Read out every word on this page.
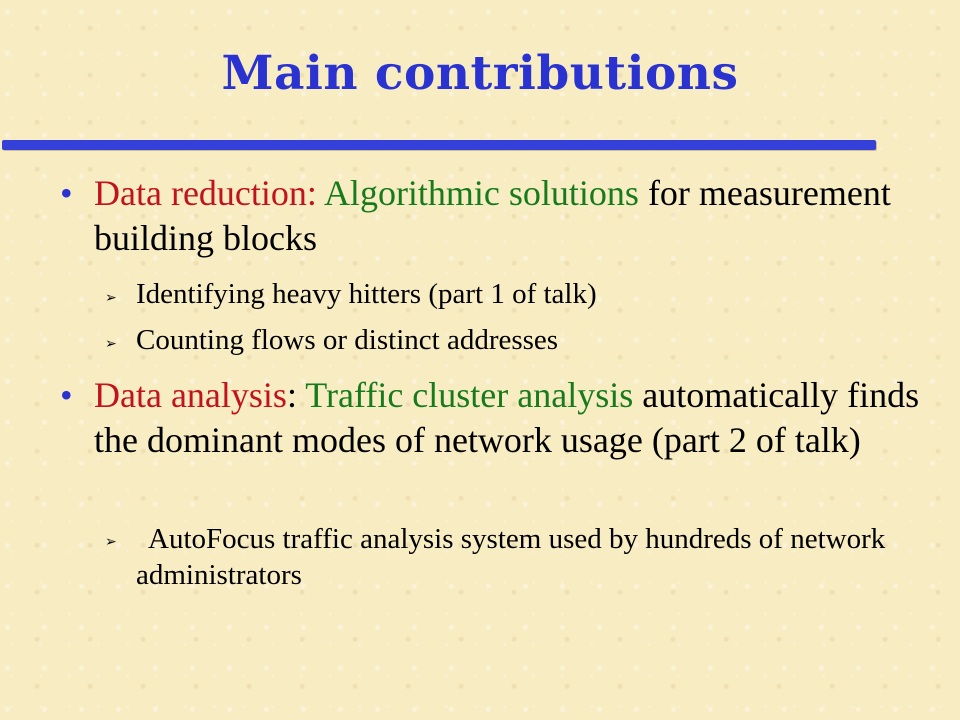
Main contributions
• Data reduction: Algorithmic solutions for measurement building blocks
➢ Identifying heavy hitters (part 1 of talk)
➢ Counting flows or distinct addresses
• Data analysis: Traffic cluster analysis automatically finds the dominant modes of network usage (part 2 of talk)
➢	AutoFocus traffic analysis system used by hundreds of network administrators
